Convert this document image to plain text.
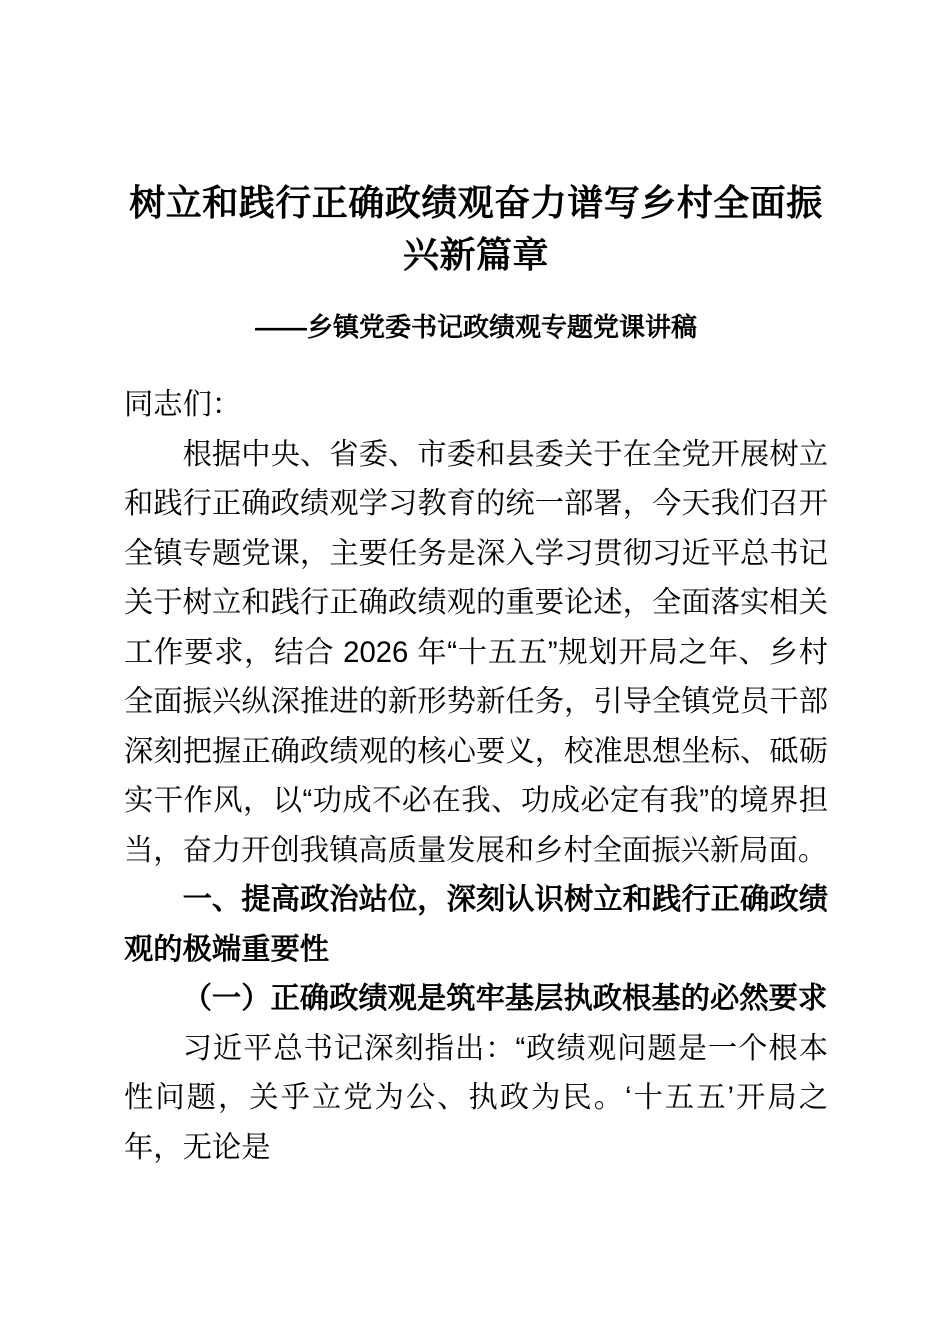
树立和践行正确政绩观奋力谱写乡村全面振兴新篇章
——乡镇党委书记政绩观专题党课讲稿

同志们：

根据中央、省委、市委和县委关于在全党开展树立和践行正确政绩观学习教育的统一部署，今天我们召开全镇专题党课，主要任务是深入学习贯彻习近平总书记关于树立和践行正确政绩观的重要论述，全面落实相关工作要求，结合 2026 年“十五五”规划开局之年、乡村全面振兴纵深推进的新形势新任务，引导全镇党员干部深刻把握正确政绩观的核心要义，校准思想坐标、砥砺实干作风，以“功成不必在我、功成必定有我”的境界担当，奋力开创我镇高质量发展和乡村全面振兴新局面。

一、提高政治站位，深刻认识树立和践行正确政绩观的极端重要性

（一）正确政绩观是筑牢基层执政根基的必然要求

习近平总书记深刻指出：“政绩观问题是一个根本性问题，关乎立党为公、执政为民。‘十五五’开局之年，无论是
